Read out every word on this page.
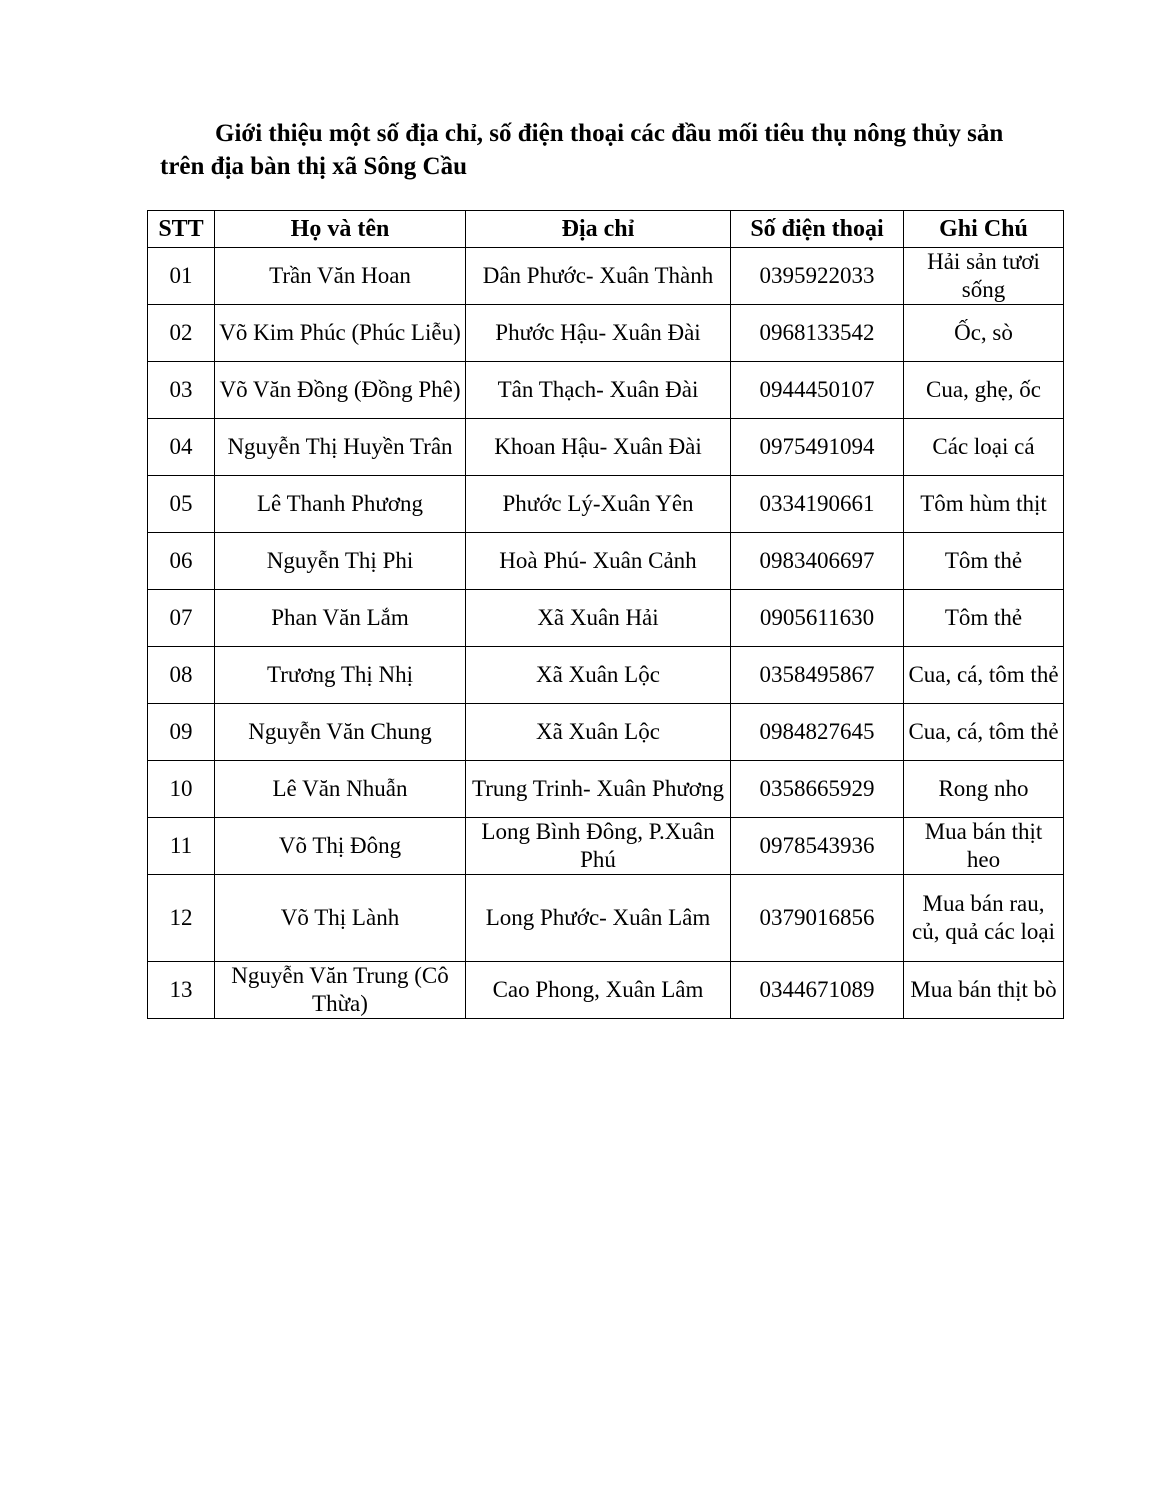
Giới thiệu một số địa chỉ, số điện thoại các đầu mối tiêu thụ nông thủy sản trên địa bàn thị xã Sông Cầu

STT	Họ và tên	Địa chỉ	Số điện thoại	Ghi Chú
01	Trần Văn Hoan	Dân Phước- Xuân Thành	0395922033	Hải sản tươi sống
02	Võ Kim Phúc (Phúc Liễu)	Phước Hậu- Xuân Đài	0968133542	Ốc, sò
03	Võ Văn Đồng (Đồng Phê)	Tân Thạch- Xuân Đài	0944450107	Cua, ghẹ, ốc
04	Nguyễn Thị Huyền Trân	Khoan Hậu- Xuân Đài	0975491094	Các loại cá
05	Lê Thanh Phương	Phước Lý-Xuân Yên	0334190661	Tôm hùm thịt
06	Nguyễn Thị Phi	Hoà Phú- Xuân Cảnh	0983406697	Tôm thẻ
07	Phan Văn Lắm	Xã Xuân Hải	0905611630	Tôm thẻ
08	Trương Thị Nhị	Xã Xuân Lộc	0358495867	Cua, cá, tôm thẻ
09	Nguyễn Văn Chung	Xã Xuân Lộc	0984827645	Cua, cá, tôm thẻ
10	Lê Văn Nhuẫn	Trung Trinh- Xuân Phương	0358665929	Rong nho
11	Võ Thị Đông	Long Bình Đông, P.Xuân Phú	0978543936	Mua bán thịt heo
12	Võ Thị Lành	Long Phước- Xuân Lâm	0379016856	Mua bán rau, củ, quả các loại
13	Nguyễn Văn Trung (Cô Thừa)	Cao Phong, Xuân Lâm	0344671089	Mua bán thịt bò
